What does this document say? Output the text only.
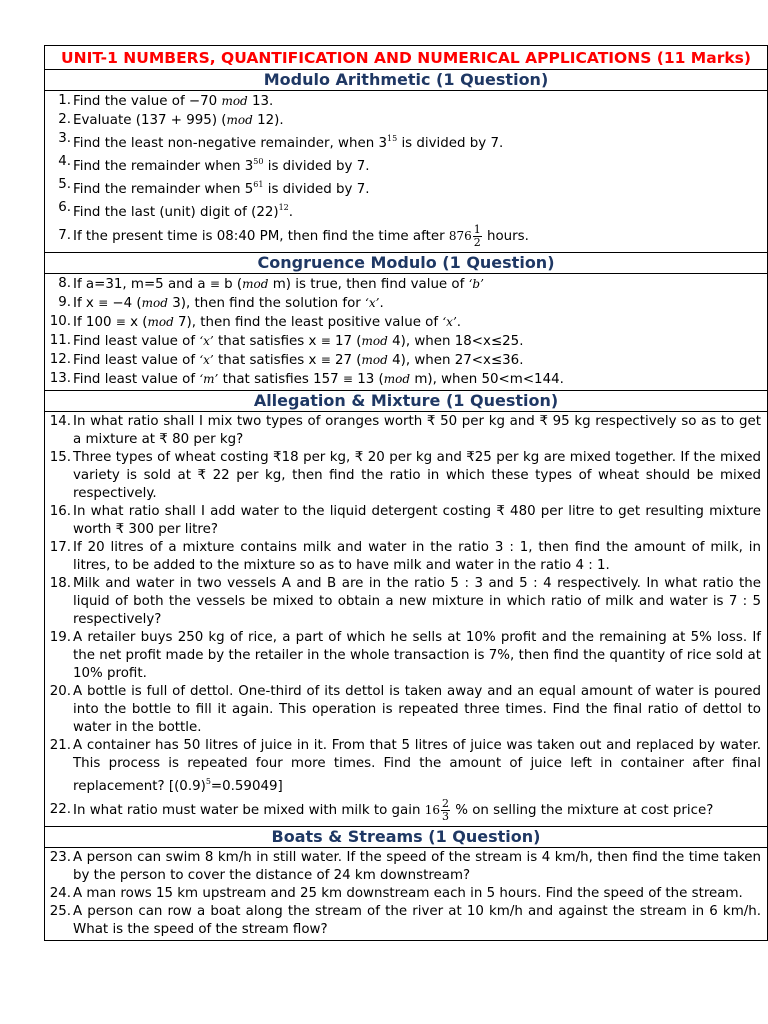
UNIT-1 NUMBERS, QUANTIFICATION AND NUMERICAL APPLICATIONS (11 Marks)
Modulo Arithmetic (1 Question)
1. Find the value of −70 mod 13.
2. Evaluate (137 + 995) (mod 12).
3. Find the least non-negative remainder, when $3^{15}$ is divided by 7.
4. Find the remainder when $3^{50}$ is divided by 7.
5. Find the remainder when $5^{61}$ is divided by 7.
6. Find the last (unit) digit of $(22)^{12}$.
7. If the present time is 08:40 PM, then find the time after $876 \frac{1}{2}$ hours.
Congruence Modulo (1 Question)
8. If a=31, m=5 and a ≡ b (mod m) is true, then find value of ‘b’
9. If x ≡ −4 (mod 3), then find the solution for ‘x’.
10. If 100 ≡ x (mod 7), then find the least positive value of ‘x’.
11. Find least value of ‘x’ that satisfies x ≡ 17 (mod 4), when 18<x≤25.
12. Find least value of ‘x’ that satisfies x ≡ 27 (mod 4), when 27<x≤36.
13. Find least value of ‘m’ that satisfies 157 ≡ 13 (mod m), when 50<m<144.
Allegation & Mixture (1 Question)
14. In what ratio shall I mix two types of oranges worth ₹ 50 per kg and ₹ 95 kg respectively so as to get a mixture at ₹ 80 per kg?
15. Three types of wheat costing ₹18 per kg, ₹ 20 per kg and ₹25 per kg are mixed together. If the mixed variety is sold at ₹ 22 per kg, then find the ratio in which these types of wheat should be mixed respectively.
16. In what ratio shall I add water to the liquid detergent costing ₹ 480 per litre to get resulting mixture worth ₹ 300 per litre?
17. If 20 litres of a mixture contains milk and water in the ratio 3 : 1, then find the amount of milk, in litres, to be added to the mixture so as to have milk and water in the ratio 4 : 1.
18. Milk and water in two vessels A and B are in the ratio 5 : 3 and 5 : 4 respectively. In what ratio the liquid of both the vessels be mixed to obtain a new mixture in which ratio of milk and water is 7 : 5 respectively?
19. A retailer buys 250 kg of rice, a part of which he sells at 10% profit and the remaining at 5% loss. If the net profit made by the retailer in the whole transaction is 7%, then find the quantity of rice sold at 10% profit.
20. A bottle is full of dettol. One-third of its dettol is taken away and an equal amount of water is poured into the bottle to fill it again. This operation is repeated three times. Find the final ratio of dettol to water in the bottle.
21. A container has 50 litres of juice in it. From that 5 litres of juice was taken out and replaced by water. This process is repeated four more times. Find the amount of juice left in container after final replacement? $[(0.9)^5=0.59049]$
22. In what ratio must water be mixed with milk to gain $16 \frac{2}{3}$ % on selling the mixture at cost price?
Boats & Streams (1 Question)
23. A person can swim 8 km/h in still water. If the speed of the stream is 4 km/h, then find the time taken by the person to cover the distance of 24 km downstream?
24. A man rows 15 km upstream and 25 km downstream each in 5 hours. Find the speed of the stream.
25. A person can row a boat along the stream of the river at 10 km/h and against the stream in 6 km/h. What is the speed of the stream flow?
